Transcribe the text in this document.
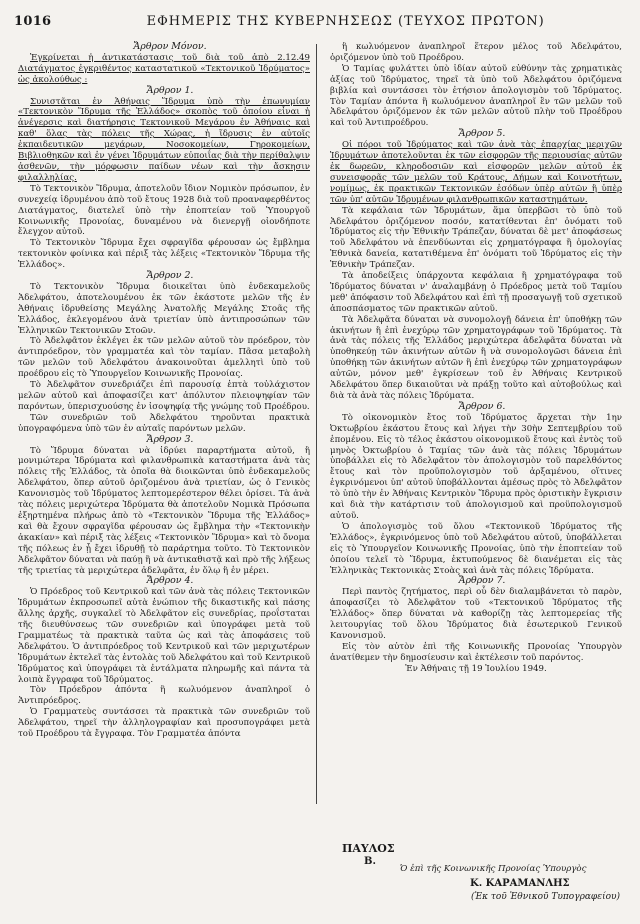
1016	ΕΦΗΜΕΡΙΣ ΤΗΣ ΚΥΒΕΡΝΗΣΕΩΣ (ΤΕΥΧΟΣ ΠΡΩΤΟΝ)

Ἄρθρον Μόνον.

Ἐγκρίνεται ἡ ἀντικατάστασις τοῦ διὰ τοῦ ἀπὸ 2.12.49 Διατάγματος ἐγκριθέντος καταστατικοῦ «Τεκτονικοῦ Ἱδρύματος» ὡς ἀκολούθως :

Ἄρθρον 1.

Συνιστᾶται ἐν Ἀθήναις Ἵδρυμα ὑπὸ τὴν ἐπωνυμίαν «Τεκτονικὸν Ἵδρυμα τῆς Ἑλλάδος» σκοπὸς τοῦ ὁποίου εἶναι ἡ ἀνέγερσις καὶ διατήρησις Τεκτονικοῦ Μεγάρου ἐν Ἀθήναις καὶ καθ' ὅλας τὰς πόλεις τῆς Χώρας, ἡ ἵδρυσις ἐν αὐτοῖς ἐκπαιδευτικῶν μεγάρων, Νοσοκομείων, Γηροκομείων, Βιβλιοθηκῶν καὶ ἐν γένει Ἱδρυμάτων εὐποιΐας διὰ τὴν περίθαλψιν ἀσθενῶν, τὴν μόρφωσιν παίδων νέων καὶ τὴν ἄσκησιν φιλαλληλίας.

Τὸ Τεκτονικὸν Ἵδρυμα, ἀποτελοῦν ἴδιον Νομικὸν πρόσωπον, ἐν συνεχείᾳ ἱδρυμένου ἀπὸ τοῦ ἔτους 1928 διὰ τοῦ προαναφερθέντος Διατάγματος, διατελεῖ ὑπὸ τὴν ἐποπτείαν τοῦ Ὑπουργοῦ Κοινωνικῆς Προνοίας, δυναμένου νὰ διενεργῇ οἰονδήποτε ἔλεγχον αὐτοῦ.

Τὸ Τεκτονικὸν Ἵδρυμα ἔχει σφραγῖδα φέρουσαν ὡς ἔμβλημα τεκτονικὸν φοίνικα καὶ πέριξ τὰς λέξεις «Τεκτονικὸν Ἵδρυμα τῆς Ἑλλάδος».

Ἄρθρον 2.

Τὸ Τεκτονικὸν Ἵδρυμα διοικεῖται ὑπὸ ἑνδεκαμελοῦς Ἀδελφάτου, ἀποτελουμένου ἐκ τῶν ἑκάστοτε μελῶν τῆς ἐν Ἀθήναις ἱδρυθείσης Μεγάλης Ἀνατολῆς Μεγάλης Στοᾶς τῆς Ἑλλάδος, ἐκλεγομένου ἀνὰ τριετίαν ὑπὸ ἀντιπροσώπων τῶν Ἑλληνικῶν Τεκτονικῶν Στοῶν.

Τὸ Ἀδελφᾶτον ἐκλέγει ἐκ τῶν μελῶν αὐτοῦ τὸν πρόεδρον, τὸν ἀντιπρόεδρον, τὸν γραμματέα καὶ τὸν ταμίαν. Πᾶσα μεταβολὴ τῶν μελῶν τοῦ Ἀδελφάτου ἀνακοινοῦται ἀμελλητὶ ὑπὸ τοῦ προέδρου εἰς τὸ Ὑπουργεῖον Κοινωνικῆς Προνοίας.

Τὸ Ἀδελφᾶτον συνεδριάζει ἐπὶ παρουσίᾳ ἑπτὰ τοὐλάχιστον μελῶν αὐτοῦ καὶ ἀποφασίζει κατ' ἀπόλυτον πλειοψηφίαν τῶν παρόντων, ὑπερισχυούσης ἐν ἰσοψηφίᾳ τῆς γνώμης τοῦ Προέδρου.

Τῶν συνεδριῶν τοῦ Ἀδελφάτου τηροῦνται πρακτικὰ ὑπογραφόμενα ὑπὸ τῶν ἐν αὐταῖς παρόντων μελῶν.

Ἄρθρον 3.

Τὸ Ἵδρυμα δύναται νὰ ἱδρύει παραρτήματα αὐτοῦ, ἢ μονιμώτερα Ἱδρύματα καὶ φιλανθρωπικὰ καταστήματα ἀνὰ τὰς πόλεις τῆς Ἑλλάδος, τὰ ὁποῖα θὰ διοικῶνται ὑπὸ ἐνδεκαμελοῦς Ἀδελφάτου, ὅπερ αὐτοῦ ὁριζομένου ἀνὰ τριετίαν, ὡς ὁ Γενικὸς Κανονισμὸς τοῦ Ἱδρύματος λεπτομερέστερον θέλει ὁρίσει. Τὰ ἀνὰ τὰς πόλεις μεριχώτερα Ἱδρύματα θὰ ἀποτελοῦν Νομικὰ Πρόσωπα ἐξηρτημένα πλήρως ἀπὸ τὸ «Τεκτονικὸν Ἵδρυμα τῆς Ἑλλάδος» καὶ θὰ ἔχουν σφραγῖδα φέρουσαν ὡς ἔμβλημα τὴν «Τεκτονικὴν ἀκακίαν» καὶ πέριξ τὰς λέξεις «Τεκτονικὸν Ἵδρυμα» καὶ τὸ ὄνομα τῆς πόλεως ἐν ᾗ ἔχει ἱδρυθῇ τὸ παράρτημα τοῦτο. Τὸ Τεκτονικὸν Ἀδελφᾶτον δύναται νὰ παύῃ ἢ νὰ ἀντικαθιστᾷ καὶ πρὸ τῆς λήξεως τῆς τριετίας τὰ μεριχώτερα ἀδελφᾶτα, ἐν ὅλῳ ἢ ἐν μέρει.

Ἄρθρον 4.

Ὁ Πρόεδρος τοῦ Κεντρικοῦ καὶ τῶν ἀνὰ τὰς πόλεις Τεκτονικῶν Ἱδρυμάτων ἐκπροσωπεῖ αὐτὰ ἐνώπιον τῆς δικαστικῆς καὶ πάσης ἄλλης ἀρχῆς, συγκαλεῖ τὸ Ἀδελφᾶτον εἰς συνεδρίας, προΐσταται τῆς διευθύνσεως τῶν συνεδριῶν καὶ ὑπογράφει μετὰ τοῦ Γραμματέως τὰ πρακτικὰ ταῦτα ὡς καὶ τὰς ἀποφάσεις τοῦ Ἀδελφάτου. Ὁ ἀντιπρόεδρος τοῦ Κεντρικοῦ καὶ τῶν μεριχωτέρων Ἱδρυμάτων ἐκτελεῖ τὰς ἐντολὰς τοῦ Ἀδελφάτου καὶ τοῦ Κεντρικοῦ Ἱδρύματος καὶ ὑπογράφει τὰ ἐντάλματα πληρωμῆς καὶ πάντα τὰ λοιπὰ ἔγγραφα τοῦ Ἱδρύματος.

Τὸν Πρόεδρον ἀπόντα ἢ κωλυόμενον ἀναπληροῖ ὁ Ἀντιπρόεδρος.

Ὁ Γραμματεὺς συντάσσει τὰ πρακτικὰ τῶν συνεδριῶν τοῦ Ἀδελφάτου, τηρεῖ τὴν ἀλληλογραφίαν καὶ προσυπογράφει μετὰ τοῦ Προέδρου τὰ ἔγγραφα. Τὸν Γραμματέα ἀπόντα

ἢ κωλυόμενον ἀναπληροῖ ἕτερον μέλος τοῦ Ἀδελφάτου, ὁριζόμενον ὑπὸ τοῦ Προέδρου.

Ὁ Ταμίας φυλάττει ὑπὸ ἰδίαν αὐτοῦ εὐθύνην τὰς χρηματικὰς ἀξίας τοῦ Ἱδρύματος, τηρεῖ τὰ ὑπὸ τοῦ Ἀδελφάτου ὁριζόμενα βιβλία καὶ συντάσσει τὸν ἐτήσιον ἀπολογισμὸν τοῦ Ἱδρύματος. Τὸν Ταμίαν ἀπόντα ἢ κωλυόμενον ἀναπληροῖ ἓν τῶν μελῶν τοῦ Ἀδελφάτου ὁριζόμενον ἐκ τῶν μελῶν αὐτοῦ πλὴν τοῦ Προέδρου καὶ τοῦ Ἀντιπροέδρου.

Ἄρθρον 5.

Οἱ πόροι τοῦ Ἱδρύματος καὶ τῶν ἀνὰ τὰς ἐπαρχίας μεριχῶν Ἱδρυμάτων ἀποτελοῦνται ἐκ τῶν εἰσφορῶν τῆς περιουσίας αὐτῶν ἐκ δωρεῶν, κληροδοσιῶν καὶ εἰσφορῶν μελῶν αὐτοῦ ἐκ συνεισφορᾶς τῶν μελῶν τοῦ Κράτους, Δήμων καὶ Κοινοτήτων, νομίμως, ἐκ πρακτικῶν Τεκτονικῶν ἐσόδων ὑπὲρ αὐτῶν ἢ ὑπὲρ τῶν ὑπ' αὐτῶν Ἱδρυμένων φιλανθρωπικῶν καταστημάτων.

Τὰ κεφάλαια τῶν Ἱδρυμάτων, ἅμα ὑπερβῶσι τὸ ὑπὸ τοῦ Ἀδελφάτου ὁριζόμενον ποσόν, κατατίθενται ἐπ' ὀνόματι τοῦ Ἱδρύματος εἰς τὴν Ἐθνικὴν Τράπεζαν, δύναται δὲ μετ' ἀποφάσεως τοῦ Ἀδελφάτου νὰ ἐπενδύωνται εἰς χρηματόγραφα ἢ ὁμολογίας Ἐθνικὰ δανεία, κατατιθέμενα ἐπ' ὀνόματι τοῦ Ἱδρύματος εἰς τὴν Ἐθνικὴν Τράπεζαν.

Τὰ ἀποδείξεις ὑπάρχοντα κεφάλαια ἢ χρηματόγραφα τοῦ Ἱδρύματος δύναται ν' ἀναλαμβάνῃ ὁ Πρόεδρος μετὰ τοῦ Ταμίου μεθ' ἀπόφασιν τοῦ Ἀδελφάτου καὶ ἐπὶ τῇ προσαγωγῇ τοῦ σχετικοῦ ἀποσπάσματος τῶν πρακτικῶν αὐτοῦ.

Τὰ Ἀδελφᾶτα δύναται νὰ συνομολογῇ δάνεια ἐπ' ὑποθήκῃ τῶν ἀκινήτων ἢ ἐπὶ ἐνεχύρῳ τῶν χρηματογράφων τοῦ Ἱδρύματος. Τὰ ἀνὰ τὰς πόλεις τῆς Ἑλλάδος μεριχώτερα ἀδελφᾶτα δύναται νὰ ὑποθηκεύῃ τῶν ἀκινήτων αὐτῶν ἢ νὰ συνομολογῶσι δάνεια ἐπὶ ὑποθήκῃ τῶν ἀκινήτων αὐτῶν ἢ ἐπὶ ἐνεχύρῳ τῶν χρηματογράφων αὐτῶν, μόνον μεθ' ἐγκρίσεων τοῦ ἐν Ἀθήναις Κεντρικοῦ Ἀδελφάτου ὅπερ δικαιοῦται νὰ πράξῃ τοῦτο καὶ αὐτοβούλως καὶ διὰ τὰ ἀνὰ τὰς πόλεις Ἱδρύματα.

Ἄρθρον 6.

Τὸ οἰκονομικὸν ἔτος τοῦ Ἱδρύματος ἄρχεται τὴν 1ην Ὀκτωβρίου ἑκάστου ἔτους καὶ λήγει τὴν 30ὴν Σεπτεμβρίου τοῦ ἑπομένου. Εἰς τὸ τέλος ἑκάστου οἰκονομικοῦ ἔτους καὶ ἐντὸς τοῦ μηνὸς Ὀκτωβρίου ὁ Ταμίας τῶν ἀνὰ τὰς πόλεις Ἱδρυμάτων ὑποβάλλει εἰς τὸ Ἀδελφᾶτον τὸν ἀπολογισμὸν τοῦ παρελθόντος ἔτους καὶ τὸν προϋπολογισμὸν τοῦ ἀρξαμένου, οἵτινες ἐγκρινόμενοι ὑπ' αὐτοῦ ὑποβάλλονται ἀμέσως πρὸς τὸ Ἀδελφᾶτον τὸ ὑπὸ τὴν ἐν Ἀθήναις Κεντρικὸν Ἵδρυμα πρὸς ὁριστικὴν ἔγκρισιν καὶ διὰ τὴν κατάρτισιν τοῦ ἀπολογισμοῦ καὶ προϋπολογισμοῦ αὐτοῦ.

Ὁ ἀπολογισμὸς τοῦ ὅλου «Τεκτονικοῦ Ἱδρύματος τῆς Ἑλλάδος», ἐγκρινόμενος ὑπὸ τοῦ Ἀδελφάτου αὐτοῦ, ὑποβάλλεται εἰς τὸ Ὑπουργεῖον Κοινωνικῆς Προνοίας, ὑπὸ τὴν ἐποπτείαν τοῦ ὁποίου τελεῖ τὸ Ἵδρυμα, ἐκτυπούμενος δὲ διανέμεται εἰς τὰς Ἑλληνικὰς Τεκτονικὰς Στοὰς καὶ ἀνὰ τὰς πόλεις Ἱδρύματα.

Ἄρθρον 7.

Περὶ παντὸς ζητήματος, περὶ οὗ δὲν διαλαμβάνεται τὸ παρὸν, ἀποφασίζει τὸ Ἀδελφᾶτον τοῦ «Τεκτονικοῦ Ἱδρύματος τῆς Ἑλλάδος» ὅπερ δύναται νὰ καθορίζῃ τὰς λεπτομερείας τῆς λειτουργίας τοῦ ὅλου Ἱδρύματος διὰ ἐσωτερικοῦ Γενικοῦ Κανονισμοῦ.

Εἰς τὸν αὐτὸν ἐπὶ τῆς Κοινωνικῆς Προνοίας Ὑπουργὸν ἀνατίθεμεν τὴν δημοσίευσιν καὶ ἐκτέλεσιν τοῦ παρόντος.

Ἐν Ἀθήναις τῇ 19 Ἰουλίου 1949.

ΠΑΥΛΟΣ
Β.
Ὁ ἐπὶ τῆς Κοινωνικῆς Προνοίας Ὑπουργὸς
Κ. ΚΑΡΑΜΑΝΛΗΣ
(Ἐκ τοῦ Ἐθνικοῦ Τυπογραφείου)
